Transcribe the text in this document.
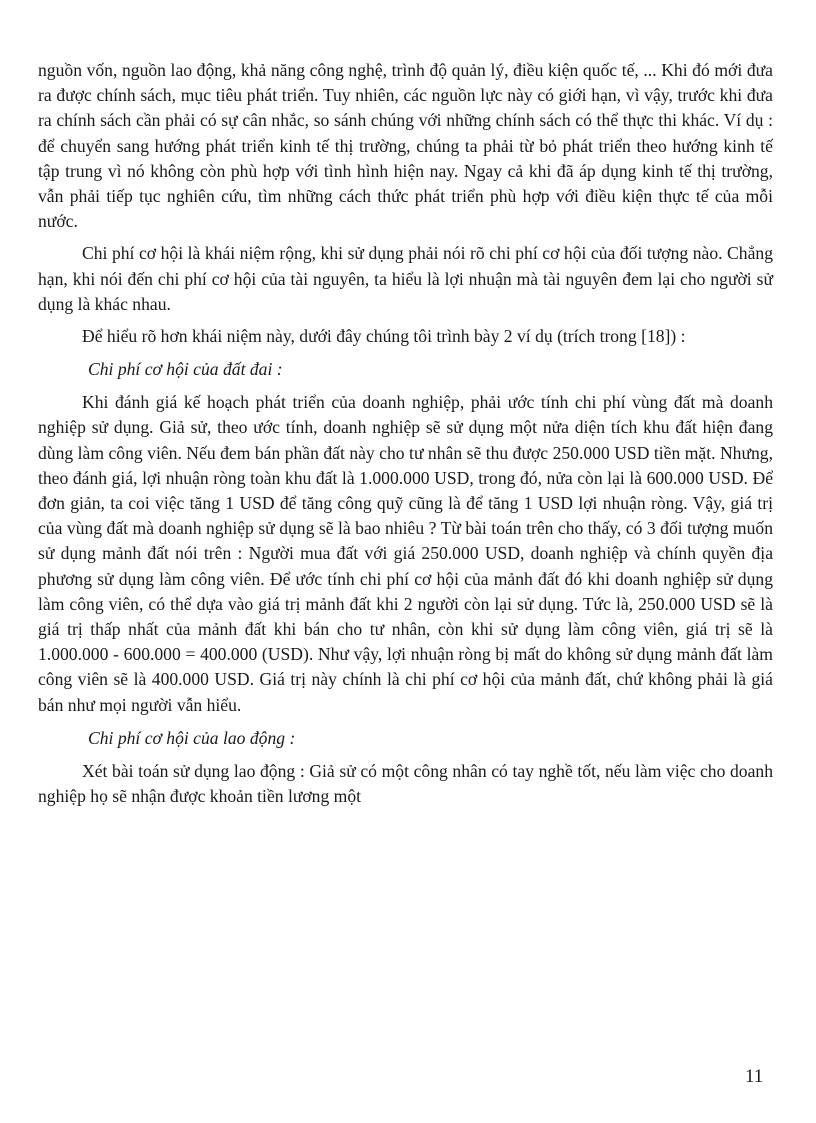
nguồn vốn, nguồn lao động, khả năng công nghệ, trình độ quản lý, điều kiện quốc tế, ... Khi đó mới đưa ra được chính sách, mục tiêu phát triển. Tuy nhiên, các nguồn lực này có giới hạn, vì vậy, trước khi đưa ra chính sách cần phải có sự cân nhắc, so sánh chúng với những chính sách có thể thực thi khác. Ví dụ : để chuyển sang hướng phát triển kinh tế thị trường, chúng ta phải từ bỏ phát triển theo hướng kinh tế tập trung vì nó không còn phù hợp với tình hình hiện nay. Ngay cả khi đã áp dụng kinh tế thị trường, vẫn phải tiếp tục nghiên cứu, tìm những cách thức phát triển phù hợp với điều kiện thực tế của mỗi nước.

Chi phí cơ hội là khái niệm rộng, khi sử dụng phải nói rõ chi phí cơ hội của đối tượng nào. Chẳng hạn, khi nói đến chi phí cơ hội của tài nguyên, ta hiểu là lợi nhuận mà tài nguyên đem lại cho người sử dụng là khác nhau.

Để hiểu rõ hơn khái niệm này, dưới đây chúng tôi trình bày 2 ví dụ (trích trong [18]) :

Chi phí cơ hội của đất đai :

Khi đánh giá kế hoạch phát triển của doanh nghiệp, phải ước tính chi phí vùng đất mà doanh nghiệp sử dụng. Giả sử, theo ước tính, doanh nghiệp sẽ sử dụng một nửa diện tích khu đất hiện đang dùng làm công viên. Nếu đem bán phần đất này cho tư nhân sẽ thu được 250.000 USD tiền mặt. Nhưng, theo đánh giá, lợi nhuận ròng toàn khu đất là 1.000.000 USD, trong đó, nửa còn lại là 600.000 USD. Để đơn giản, ta coi việc tăng 1 USD để tăng công quỹ cũng là để tăng 1 USD lợi nhuận ròng. Vậy, giá trị của vùng đất mà doanh nghiệp sử dụng sẽ là bao nhiêu ? Từ bài toán trên cho thấy, có 3 đối tượng muốn sử dụng mảnh đất nói trên : Người mua đất với giá 250.000 USD, doanh nghiệp và chính quyền địa phương sử dụng làm công viên. Để ước tính chi phí cơ hội của mảnh đất đó khi doanh nghiệp sử dụng làm công viên, có thể dựa vào giá trị mảnh đất khi 2 người còn lại sử dụng. Tức là, 250.000 USD sẽ là giá trị thấp nhất của mảnh đất khi bán cho tư nhân, còn khi sử dụng làm công viên, giá trị sẽ là 1.000.000 - 600.000 = 400.000 (USD). Như vậy, lợi nhuận ròng bị mất do không sử dụng mảnh đất làm công viên sẽ là 400.000 USD. Giá trị này chính là chi phí cơ hội của mảnh đất, chứ không phải là giá bán như mọi người vẫn hiểu.

Chi phí cơ hội của lao động :

Xét bài toán sử dụng lao động : Giả sử có một công nhân có tay nghề tốt, nếu làm việc cho doanh nghiệp họ sẽ nhận được khoản tiền lương một

11
